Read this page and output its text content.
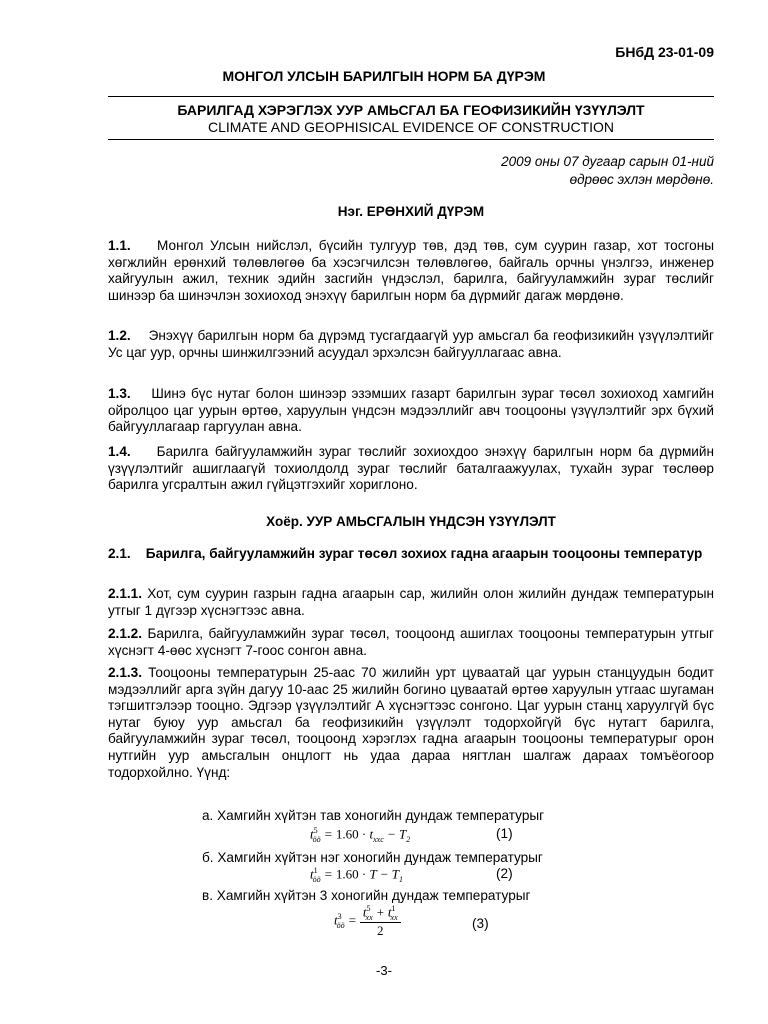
БНбД 23-01-09
МОНГОЛ УЛСЫН БАРИЛГЫН НОРМ БА ДҮРЭМ
БАРИЛГАД ХЭРЭГЛЭХ УУР АМЬСГАЛ БА ГЕОФИЗИКИЙН ҮЗҮҮЛЭЛТ
CLIMATE AND GEOPHISICAL EVIDENCE OF CONSTRUCTION
2009 оны 07 дугаар сарын 01-ний
өдрөөс эхлэн мөрдөнө.
Нэг. ЕРӨНХИЙ ДҮРЭМ
1.1. Монгол Улсын нийслэл, бүсийн тулгуур төв, дэд төв, сум суурин газар, хот тосгоны хөгжлийн ерөнхий төлөвлөгөө ба хэсэгчилсэн төлөвлөгөө, байгаль орчны үнэлгээ, инженер хайгуулын ажил, техник эдийн засгийн үндэслэл, барилга, байгууламжийн зураг төслийг шинээр ба шинэчлэн зохиоход энэхүү барилгын норм ба дүрмийг дагаж мөрдөнө.
1.2. Энэхүү барилгын норм ба дүрэмд тусгагдаагүй уур амьсгал ба геофизикийн үзүүлэлтийг Ус цаг уур, орчны шинжилгээний асуудал эрхэлсэн байгууллагаас авна.
1.3. Шинэ бүс нутаг болон шинээр эзэмших газарт барилгын зураг төсөл зохиоход хамгийн ойролцоо цаг уурын өртөө, харуулын үндсэн мэдээллийг авч тооцооны үзүүлэлтийг эрх бүхий байгууллагаар гаргуулан авна.
1.4. Барилга байгууламжийн зураг төслийг зохиохдоо энэхүү барилгын норм ба дүрмийн үзүүлэлтийг ашиглаагүй тохиолдолд зураг төслийг баталгаажуулах, тухайн зураг төслөөр барилга угсралтын ажил гүйцэтгэхийг хориглоно.
Хоёр. УУР АМЬСГАЛЫН ҮНДСЭН ҮЗҮҮЛЭЛТ
2.1. Барилга, байгууламжийн зураг төсөл зохиох гадна агаарын тооцооны температур
2.1.1. Хот, сум суурин газрын гадна агаарын сар, жилийн олон жилийн дундаж температурын утгыг 1 дүгээр хүснэгтээс авна.
2.1.2. Барилга, байгууламжийн зураг төсөл, тооцоонд ашиглах тооцооны температурын утгыг хүснэгт 4-өөс хүснэгт 7-гоос сонгон авна.
2.1.3. Тооцооны температурын 25-аас 70 жилийн урт цуваатай цаг уурын станцуудын бодит мэдээллийг арга зүйн дагуу 10-аас 25 жилийн богино цуваатай өртөө харуулын утгаас шугаман тэгшитгэлээр тооцно. Эдгээр үзүүлэлтийг А хүснэгтээс сонгоно. Цаг уурын станц харуулгүй бүс нутаг буюу уур амьсгал ба геофизикийн үзүүлэлт тодорхойгүй бүс нутагт барилга, байгууламжийн зураг төсөл, тооцоонд хэрэглэх гадна агаарын тооцооны температурыг орон нутгийн уур амьсгалын онцлогт нь удаа дараа нягтлан шалгаж дараах томъёогоор тодорхойлно. Үүнд:
а. Хамгийн хүйтэн тав хоногийн дундаж температурыг
$t^5_{öö} = 1.60 \cdot t_{xxc} - T_2$	(1)
б. Хамгийн хүйтэн нэг хоногийн дундаж температурыг
$t^1_{öö} = 1.60 \cdot T - T_1$	(2)
в. Хамгийн хүйтэн 3 хоногийн дундаж температурыг
$t^3_{öö} = \frac{t^5_{xx} + t^1_{xx}}{2}$	(3)
-3-
